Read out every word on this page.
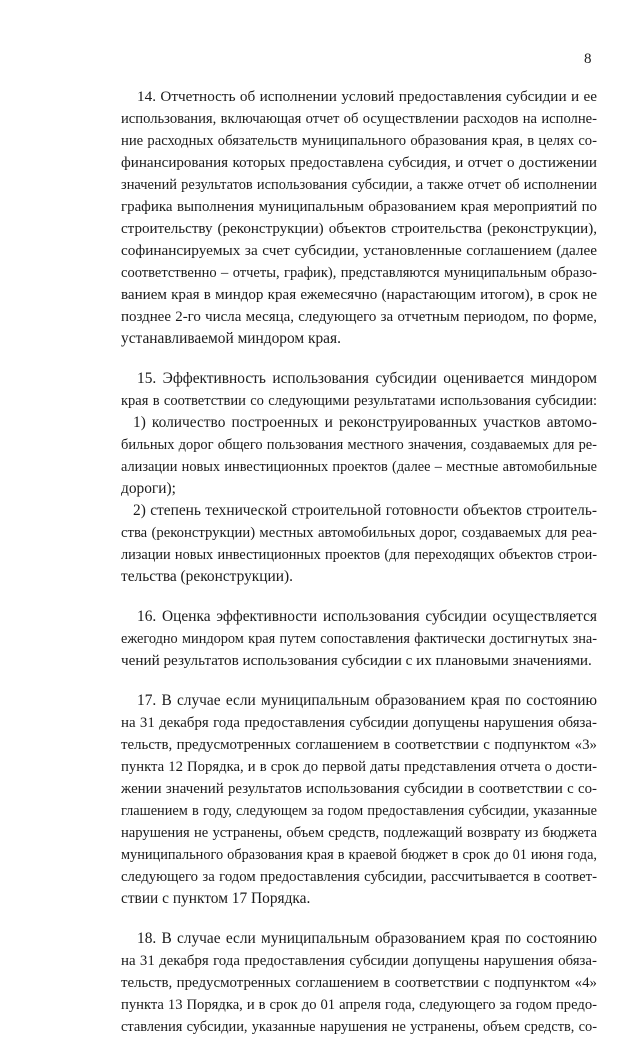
8
14. Отчетность об исполнении условий предоставления субсидии и ее
использования, включающая отчет об осуществлении расходов на исполне-
ние расходных обязательств муниципального образования края, в целях со-
финансирования которых предоставлена субсидия, и отчет о достижении
значений результатов использования субсидии, а также отчет об исполнении
графика выполнения муниципальным образованием края мероприятий по
строительству (реконструкции) объектов строительства (реконструкции),
софинансируемых за счет субсидии, установленные соглашением (далее
соответственно – отчеты, график), представляются муниципальным образо-
ванием края в миндор края ежемесячно (нарастающим итогом), в срок не
позднее 2-го числа месяца, следующего за отчетным периодом, по форме,
устанавливаемой миндором края.
15. Эффективность использования субсидии оценивается миндором
края в соответствии со следующими результатами использования субсидии:
1) количество построенных и реконструированных участков автомо-
бильных дорог общего пользования местного значения, создаваемых для ре-
ализации новых инвестиционных проектов (далее – местные автомобильные
дороги);
2) степень технической строительной готовности объектов строитель-
ства (реконструкции) местных автомобильных дорог, создаваемых для реа-
лизации новых инвестиционных проектов (для переходящих объектов строи-
тельства (реконструкции).
16. Оценка эффективности использования субсидии осуществляется
ежегодно миндором края путем сопоставления фактически достигнутых зна-
чений результатов использования субсидии с их плановыми значениями.
17. В случае если муниципальным образованием края по состоянию
на 31 декабря года предоставления субсидии допущены нарушения обяза-
тельств, предусмотренных соглашением в соответствии с подпунктом «3»
пункта 12 Порядка, и в срок до первой даты представления отчета о дости-
жении значений результатов использования субсидии в соответствии с со-
глашением в году, следующем за годом предоставления субсидии, указанные
нарушения не устранены, объем средств, подлежащий возврату из бюджета
муниципального образования края в краевой бюджет в срок до 01 июня года,
следующего за годом предоставления субсидии, рассчитывается в соответ-
ствии с пунктом 17 Порядка.
18. В случае если муниципальным образованием края по состоянию
на 31 декабря года предоставления субсидии допущены нарушения обяза-
тельств, предусмотренных соглашением в соответствии с подпунктом «4»
пункта 13 Порядка, и в срок до 01 апреля года, следующего за годом предо-
ставления субсидии, указанные нарушения не устранены, объем средств, со-
